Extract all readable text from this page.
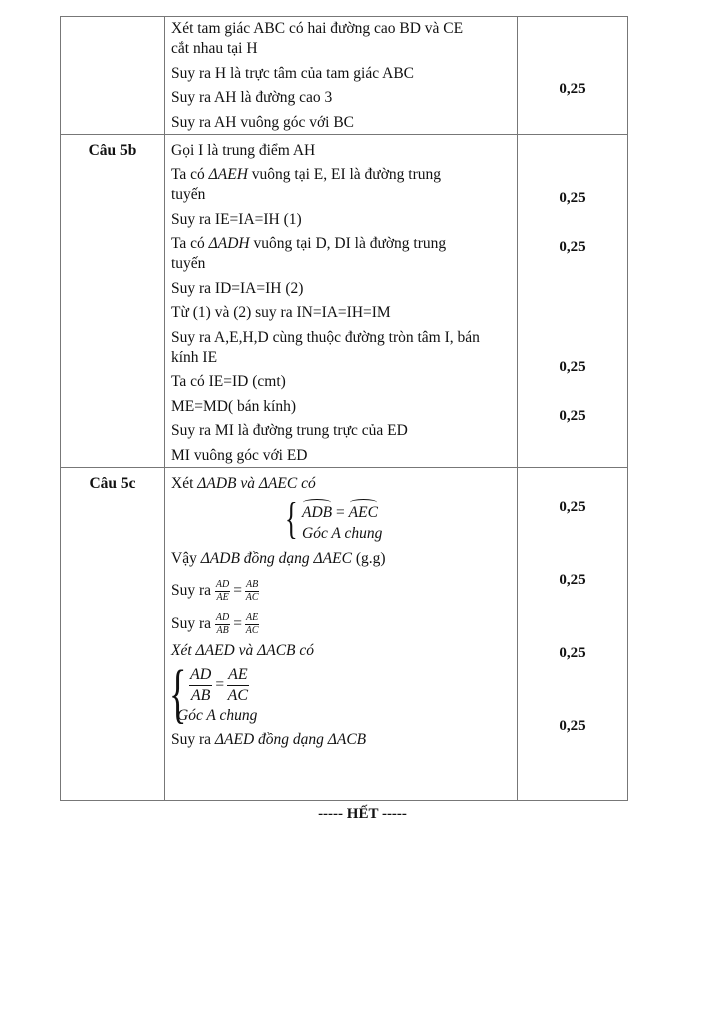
Xét tam giác ABC có hai đường cao BD và CE
cắt nhau tại H
Suy ra H là trực tâm của tam giác ABC
Suy ra AH là đường cao 3
Suy ra AH vuông góc với BC
0,25
Câu 5b	Gọi I là trung điểm AH
Ta có ΔAEH vuông tại E, EI là đường trung
tuyến
Suy ra IE=IA=IH (1)
Ta có ΔADH vuông tại D, DI là đường trung
tuyến
Suy ra ID=IA=IH (2)
Từ (1) và (2) suy ra IN=IA=IH=IM
Suy ra A,E,H,D cùng thuộc đường tròn tâm I, bán
kính IE
Ta có IE=ID (cmt)
ME=MD( bán kính)
Suy ra MI là đường trung trực của ED
MI vuông góc với ED
0,25
0,25
0,25
0,25
Câu 5c	Xét ΔADB và ΔAEC có
{ ADB = AEC
Góc A chung
Vậy ΔADB đồng dạng ΔAEC (g.g)
Suy ra $\frac{AD}{AE} = \frac{AB}{AC}$
Suy ra $\frac{AD}{AB} = \frac{AE}{AC}$
Xét ΔAED và ΔACB có
{ $\frac{AD}{AB} = \frac{AE}{AC}$
Góc A chung
Suy ra ΔAED đồng dạng ΔACB
0,25
0,25
0,25
0,25
----- HẾT -----
